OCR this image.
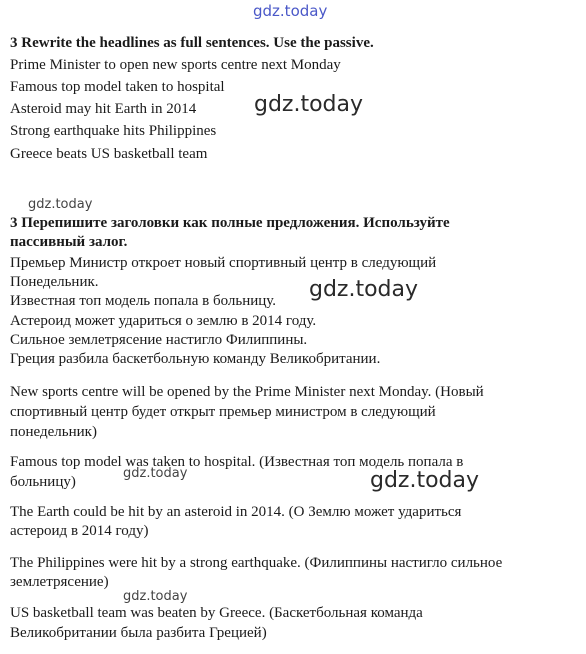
gdz.today
gdz.today
gdz.today
gdz.today
gdz.today	gdz.today
gdz.today
3 Rewrite the headlines as full sentences. Use the passive.
Prime Minister to open new sports centre next Monday
Famous top model taken to hospital
Asteroid may hit Earth in 2014
Strong earthquake hits Philippines
Greece beats US basketball team
3 Перепишите заголовки как полные предложения. Используйте
пассивный залог.
Премьер Министр откроет новый спортивный центр в следующий
Понедельник.
Известная топ модель попала в больницу.
Астероид может удариться о землю в 2014 году.
Сильное землетрясение настигло Филиппины.
Греция разбила баскетбольную команду Великобритании.
New sports centre will be opened by the Prime Minister next Monday. (Новый
спортивный центр будет открыт премьер министром в следующий
понедельник)
Famous top model was taken to hospital. (Известная топ модель попала в
больницу)
The Earth could be hit by an asteroid in 2014. (О Землю может удариться
астероид в 2014 году)
The Philippines were hit by a strong earthquake. (Филиппины настигло сильное
землетрясение)
US basketball team was beaten by Greece. (Баскетбольная команда
Великобритании была разбита Грецией)
